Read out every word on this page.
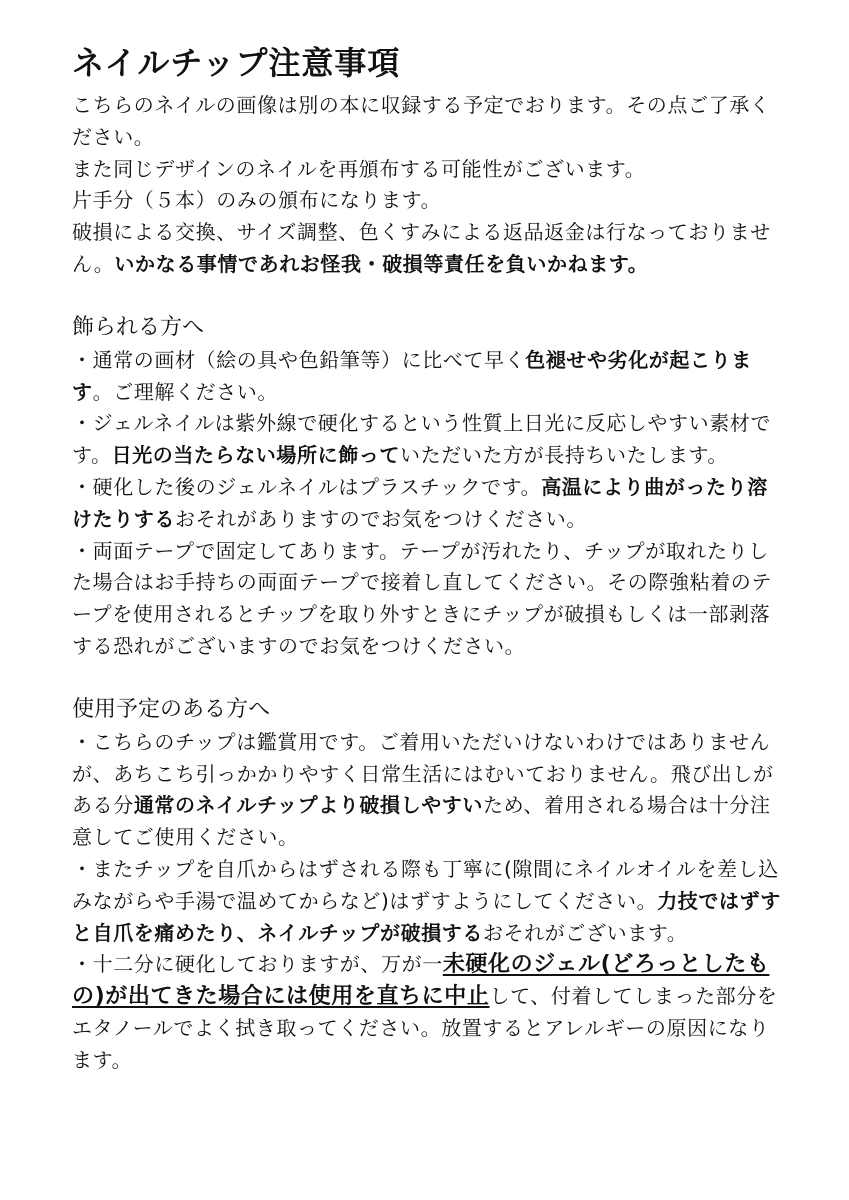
ネイルチップ注意事項

こちらのネイルの画像は別の本に収録する予定でおります。その点ご了承ください。

また同じデザインのネイルを再頒布する可能性がございます。

片手分（５本）のみの頒布になります。

破損による交換、サイズ調整、色くすみによる返品返金は行なっておりません。いかなる事情であれお怪我・破損等責任を負いかねます。

飾られる方へ

・通常の画材（絵の具や色鉛筆等）に比べて早く色褪せや劣化が起こります。ご理解ください。

・ジェルネイルは紫外線で硬化するという性質上日光に反応しやすい素材です。日光の当たらない場所に飾っていただいた方が長持ちいたします。

・硬化した後のジェルネイルはプラスチックです。高温により曲がったり溶けたりするおそれがありますのでお気をつけください。

・両面テープで固定してあります。テープが汚れたり、チップが取れたりした場合はお手持ちの両面テープで接着し直してください。その際強粘着のテープを使用されるとチップを取り外すときにチップが破損もしくは一部剥落する恐れがございますのでお気をつけください。

使用予定のある方へ

・こちらのチップは鑑賞用です。ご着用いただいけないわけではありませんが、あちこち引っかかりやすく日常生活にはむいておりません。飛び出しがある分通常のネイルチップより破損しやすいため、着用される場合は十分注意してご使用ください。

・またチップを自爪からはずされる際も丁寧に(隙間にネイルオイルを差し込みながらや手湯で温めてからなど)はずすようにしてください。力技ではずすと自爪を痛めたり、ネイルチップが破損するおそれがございます。

・十二分に硬化しておりますが、万が一未硬化のジェル(どろっとしたもの)が出てきた場合には使用を直ちに中止して、付着してしまった部分をエタノールでよく拭き取ってください。放置するとアレルギーの原因になります。
